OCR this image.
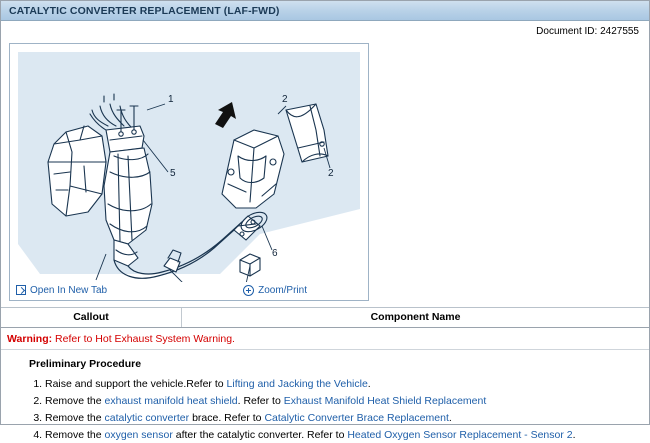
CATALYTIC CONVERTER REPLACEMENT (LAF-FWD)
Document ID: 2427555
1
5
2
2
6
Open In New Tab	Zoom/Print
Callout	Component Name
Warning: Refer to Hot Exhaust System Warning.
Preliminary Procedure
1. Raise and support the vehicle.Refer to Lifting and Jacking the Vehicle.
2. Remove the exhaust manifold heat shield. Refer to Exhaust Manifold Heat Shield Replacement
3. Remove the catalytic converter brace. Refer to Catalytic Converter Brace Replacement.
4. Remove the oxygen sensor after the catalytic converter. Refer to Heated Oxygen Sensor Replacement - Sensor 2.
